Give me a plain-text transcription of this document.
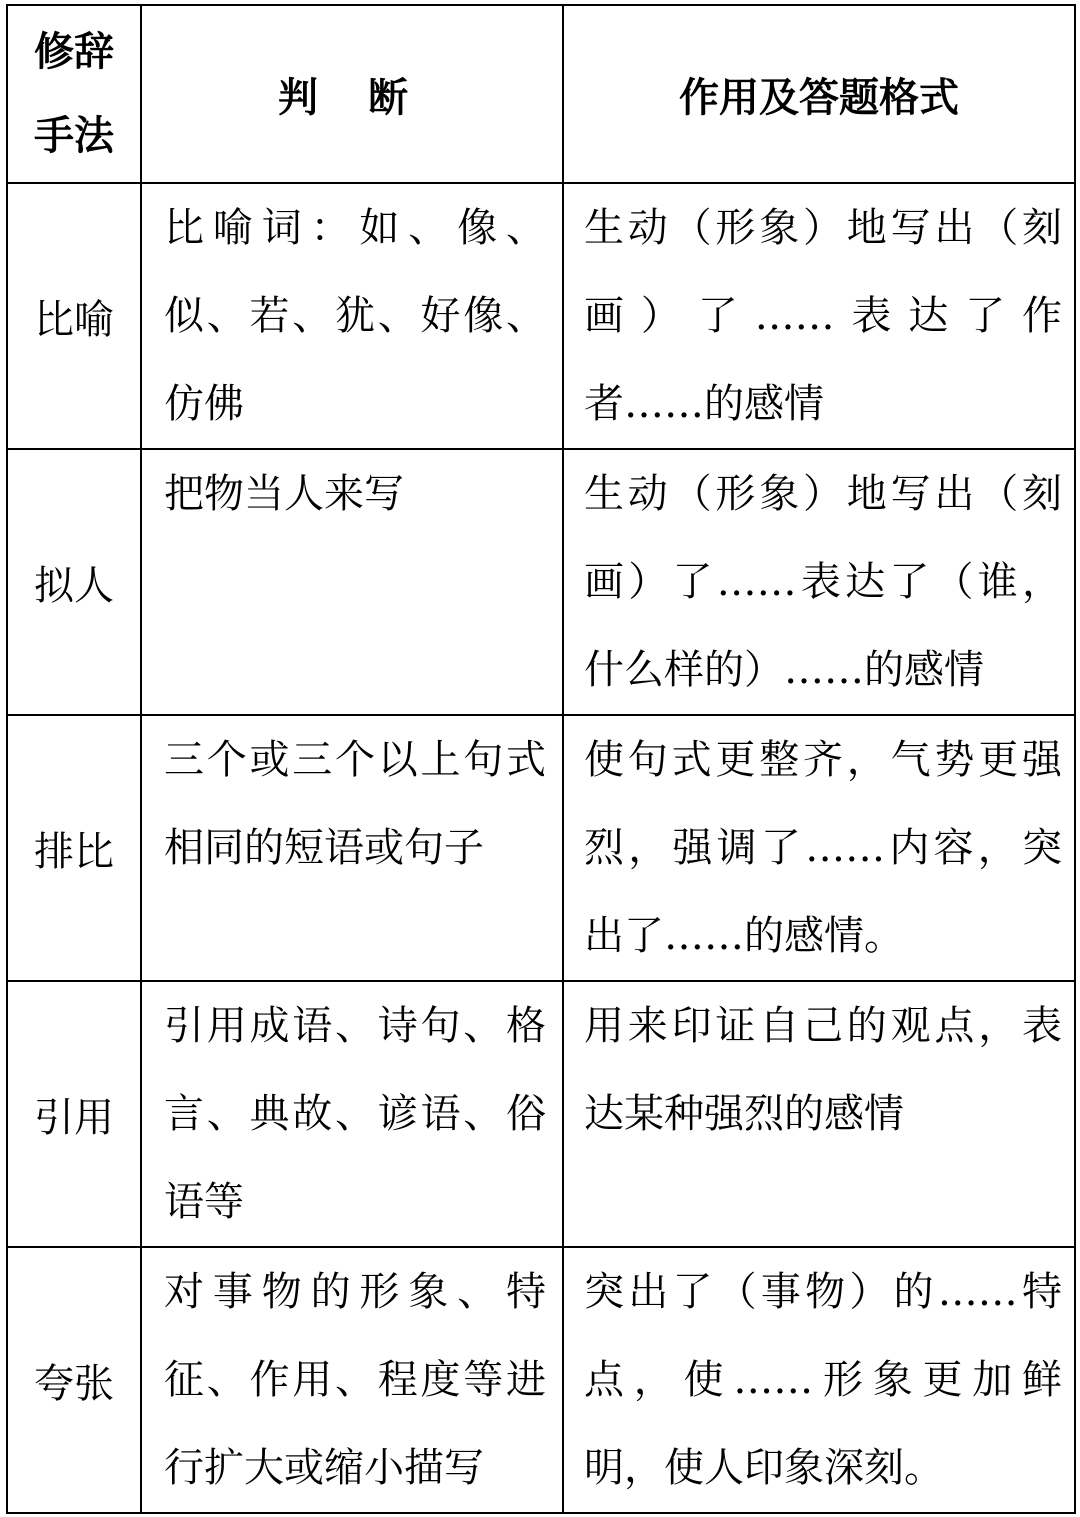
修辞
手法	判 断	作用及答题格式
比喻	比喻词：如、像、似、若、犹、好像、仿佛	生动（形象）地写出（刻画）了……表达了作者……的感情
拟人	把物当人来写	生动（形象）地写出（刻画）了……表达了（谁，什么样的）……的感情
排比	三个或三个以上句式相同的短语或句子	使句式更整齐，气势更强烈，强调了……内容，突出了……的感情。
引用	引用成语、诗句、格言、典故、谚语、俗语等	用来印证自己的观点，表达某种强烈的感情
夸张	对事物的形象、特征、作用、程度等进行扩大或缩小描写	突出了（事物）的……特点，使……形象更加鲜明，使人印象深刻。
